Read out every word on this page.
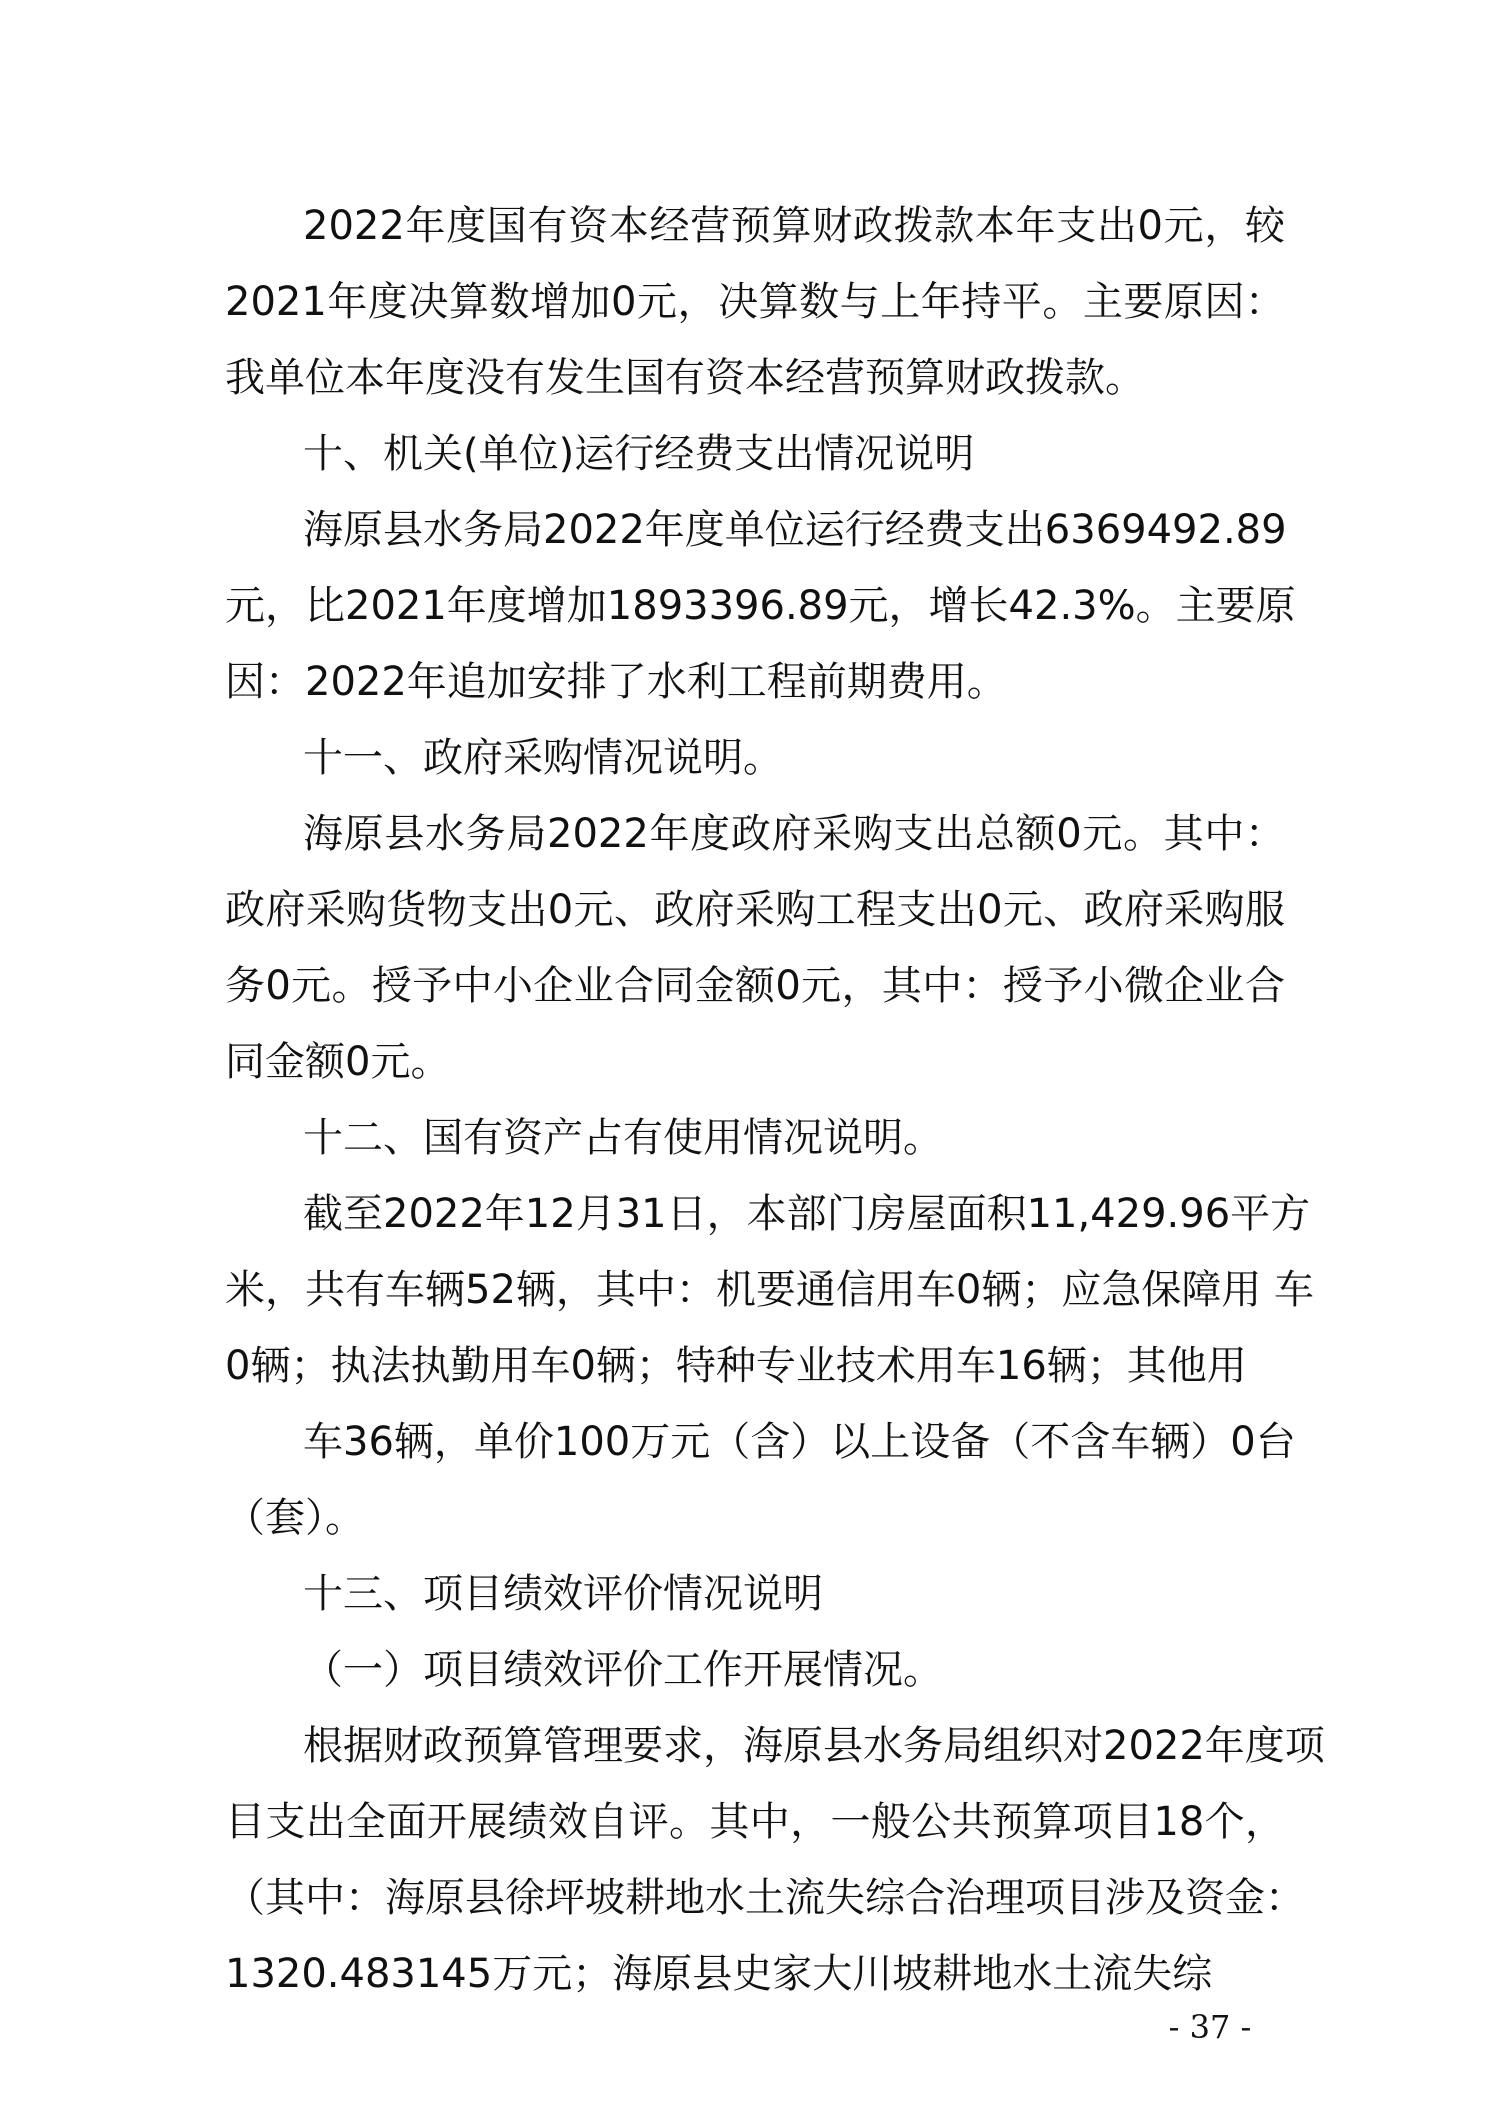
2022年度国有资本经营预算财政拨款本年支出0元，较

2021年度决算数增加0元，决算数与上年持平。主要原因：

我单位本年度没有发生国有资本经营预算财政拨款。

十、机关(单位)运行经费支出情况说明

海原县水务局2022年度单位运行经费支出6369492.89

元，比2021年度增加1893396.89元，增长42.3%。主要原

因：2022年追加安排了水利工程前期费用。

十一、政府采购情况说明。

海原县水务局2022年度政府采购支出总额0元。其中：

政府采购货物支出0元、政府采购工程支出0元、政府采购服

务0元。授予中小企业合同金额0元，其中：授予小微企业合

同金额0元。

十二、国有资产占有使用情况说明。

截至2022年12月31日，本部门房屋面积11,429.96平方

米，共有车辆52辆，其中：机要通信用车0辆；应急保障用 车

0辆；执法执勤用车0辆；特种专业技术用车16辆；其他用

车36辆，单价100万元（含）以上设备（不含车辆）0台

（套）。

十三、项目绩效评价情况说明

（一）项目绩效评价工作开展情况。

根据财政预算管理要求，海原县水务局组织对2022年度项

目支出全面开展绩效自评。其中，一般公共预算项目18个，

（其中：海原县徐坪坡耕地水土流失综合治理项目涉及资金：

1320.483145万元；海原县史家大川坡耕地水土流失综

- 37 -
